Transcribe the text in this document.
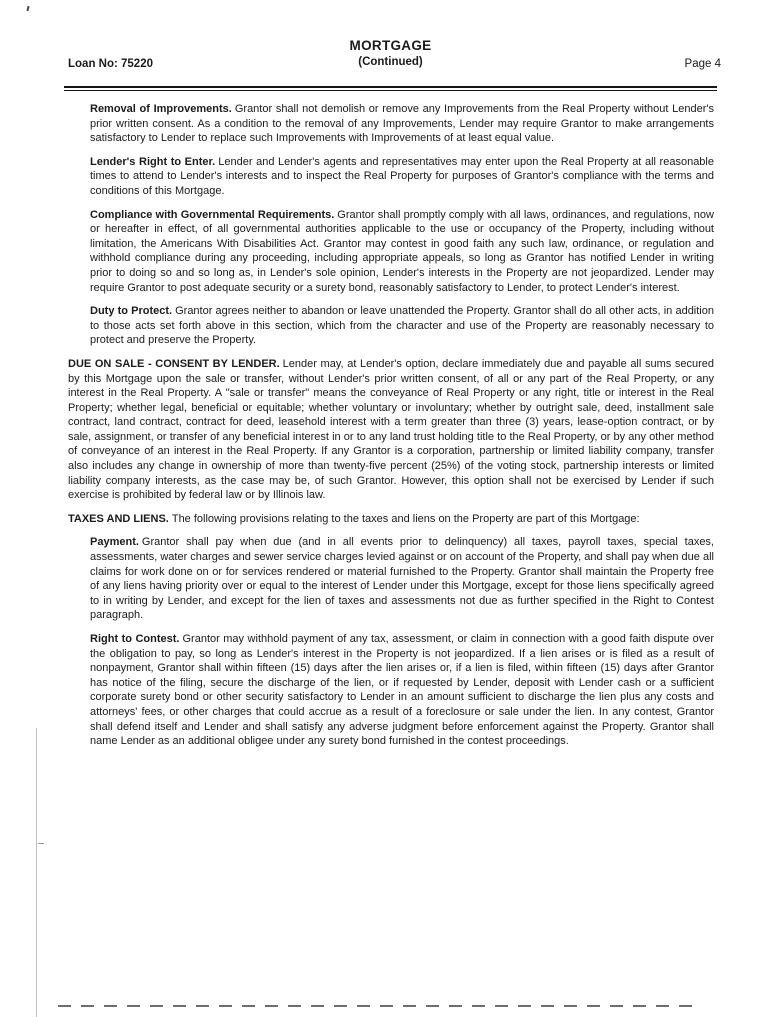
MORTGAGE
(Continued)
Loan No: 75220	Page 4

Removal of Improvements. Grantor shall not demolish or remove any Improvements from the Real Property without Lender's prior written consent. As a condition to the removal of any Improvements, Lender may require Grantor to make arrangements satisfactory to Lender to replace such Improvements with Improvements of at least equal value.

Lender's Right to Enter. Lender and Lender's agents and representatives may enter upon the Real Property at all reasonable times to attend to Lender's interests and to inspect the Real Property for purposes of Grantor's compliance with the terms and conditions of this Mortgage.

Compliance with Governmental Requirements. Grantor shall promptly comply with all laws, ordinances, and regulations, now or hereafter in effect, of all governmental authorities applicable to the use or occupancy of the Property, including without limitation, the Americans With Disabilities Act. Grantor may contest in good faith any such law, ordinance, or regulation and withhold compliance during any proceeding, including appropriate appeals, so long as Grantor has notified Lender in writing prior to doing so and so long as, in Lender's sole opinion, Lender's interests in the Property are not jeopardized. Lender may require Grantor to post adequate security or a surety bond, reasonably satisfactory to Lender, to protect Lender's interest.

Duty to Protect. Grantor agrees neither to abandon or leave unattended the Property. Grantor shall do all other acts, in addition to those acts set forth above in this section, which from the character and use of the Property are reasonably necessary to protect and preserve the Property.

DUE ON SALE - CONSENT BY LENDER. Lender may, at Lender's option, declare immediately due and payable all sums secured by this Mortgage upon the sale or transfer, without Lender's prior written consent, of all or any part of the Real Property, or any interest in the Real Property. A "sale or transfer" means the conveyance of Real Property or any right, title or interest in the Real Property; whether legal, beneficial or equitable; whether voluntary or involuntary; whether by outright sale, deed, installment sale contract, land contract, contract for deed, leasehold interest with a term greater than three (3) years, lease-option contract, or by sale, assignment, or transfer of any beneficial interest in or to any land trust holding title to the Real Property, or by any other method of conveyance of an interest in the Real Property. If any Grantor is a corporation, partnership or limited liability company, transfer also includes any change in ownership of more than twenty-five percent (25%) of the voting stock, partnership interests or limited liability company interests, as the case may be, of such Grantor. However, this option shall not be exercised by Lender if such exercise is prohibited by federal law or by Illinois law.

TAXES AND LIENS. The following provisions relating to the taxes and liens on the Property are part of this Mortgage:

Payment. Grantor shall pay when due (and in all events prior to delinquency) all taxes, payroll taxes, special taxes, assessments, water charges and sewer service charges levied against or on account of the Property, and shall pay when due all claims for work done on or for services rendered or material furnished to the Property. Grantor shall maintain the Property free of any liens having priority over or equal to the interest of Lender under this Mortgage, except for those liens specifically agreed to in writing by Lender, and except for the lien of taxes and assessments not due as further specified in the Right to Contest paragraph.

Right to Contest. Grantor may withhold payment of any tax, assessment, or claim in connection with a good faith dispute over the obligation to pay, so long as Lender's interest in the Property is not jeopardized. If a lien arises or is filed as a result of nonpayment, Grantor shall within fifteen (15) days after the lien arises or, if a lien is filed, within fifteen (15) days after Grantor has notice of the filing, secure the discharge of the lien, or if requested by Lender, deposit with Lender cash or a sufficient corporate surety bond or other security satisfactory to Lender in an amount sufficient to discharge the lien plus any costs and attorneys' fees, or other charges that could accrue as a result of a foreclosure or sale under the lien. In any contest, Grantor shall defend itself and Lender and shall satisfy any adverse judgment before enforcement against the Property. Grantor shall name Lender as an additional obligee under any surety bond furnished in the contest proceedings.
